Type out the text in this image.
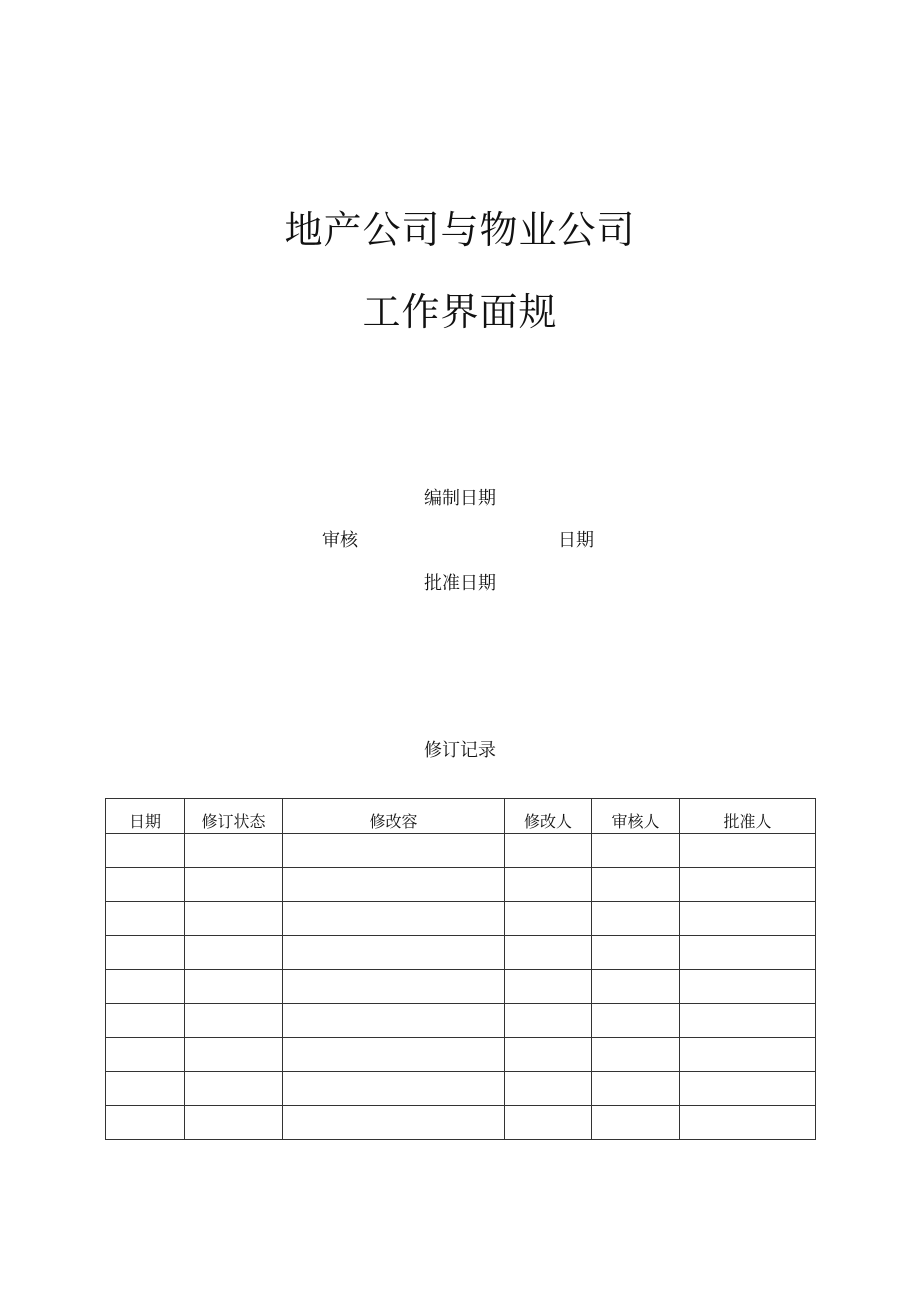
地产公司与物业公司
工作界面规
编制日期
审核	日期
批准日期
修订记录
日期	修订状态	修改容	修改人	审核人	批准人
